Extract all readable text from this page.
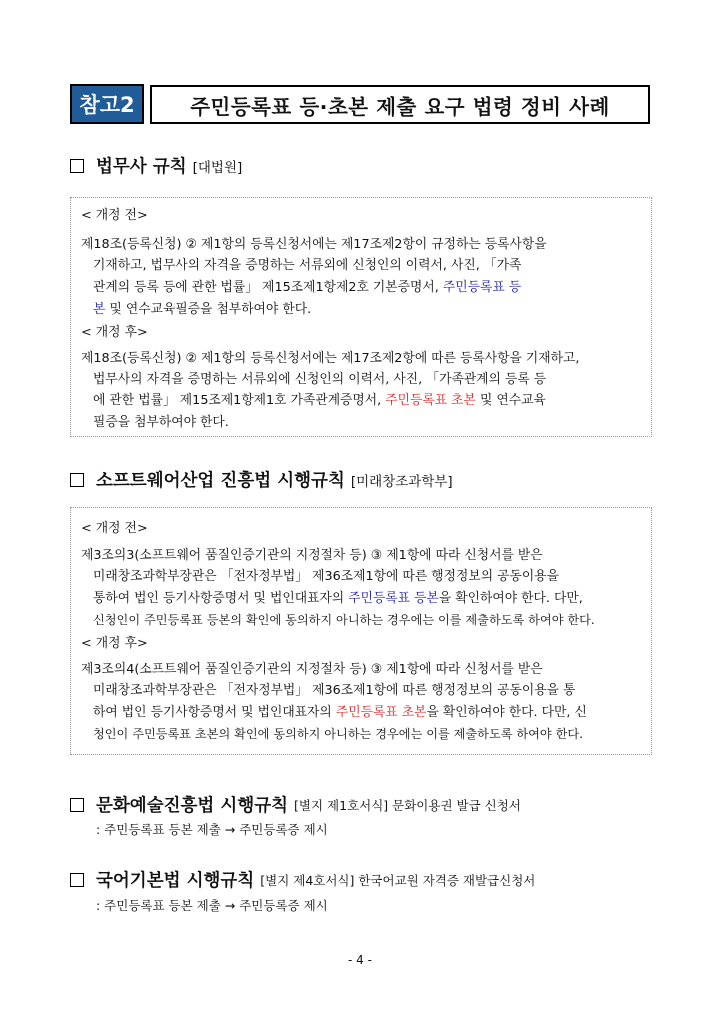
참고2	주민등록표 등·초본 제출 요구 법령 정비 사례
법무사 규칙 [대법원]
< 개정 전>
제18조(등록신청) ② 제1항의 등록신청서에는 제17조제2항이 규정하는 등록사항을
기재하고, 법무사의 자격을 증명하는 서류외에 신청인의 이력서, 사진, 「가족
관계의 등록 등에 관한 법률」 제15조제1항제2호 기본증명서, 주민등록표 등
본 및 연수교육필증을 첨부하여야 한다.
< 개정 후>
제18조(등록신청) ② 제1항의 등록신청서에는 제17조제2항에 따른 등록사항을 기재하고,
법무사의 자격을 증명하는 서류외에 신청인의 이력서, 사진, 「가족관계의 등록 등
에 관한 법률」 제15조제1항제1호 가족관계증명서, 주민등록표 초본 및 연수교육
필증을 첨부하여야 한다.
소프트웨어산업 진흥법 시행규칙 [미래창조과학부]
< 개정 전>
제3조의3(소프트웨어 품질인증기관의 지정절차 등) ③ 제1항에 따라 신청서를 받은
미래창조과학부장관은 「전자정부법」 제36조제1항에 따른 행정정보의 공동이용을
통하여 법인 등기사항증명서 및 법인대표자의 주민등록표 등본을 확인하여야 한다. 다만,
신청인이 주민등록표 등본의 확인에 동의하지 아니하는 경우에는 이를 제출하도록 하여야 한다.
< 개정 후>
제3조의4(소프트웨어 품질인증기관의 지정절차 등) ③ 제1항에 따라 신청서를 받은
미래창조과학부장관은 「전자정부법」 제36조제1항에 따른 행정정보의 공동이용을 통
하여 법인 등기사항증명서 및 법인대표자의 주민등록표 초본을 확인하여야 한다. 다만, 신
청인이 주민등록표 초본의 확인에 동의하지 아니하는 경우에는 이를 제출하도록 하여야 한다.
문화예술진흥법 시행규칙 [별지 제1호서식] 문화이용권 발급 신청서
: 주민등록표 등본 제출 → 주민등록증 제시
국어기본법 시행규칙 [별지 제4호서식] 한국어교원 자격증 재발급신청서
: 주민등록표 등본 제출 → 주민등록증 제시
- 4 -
